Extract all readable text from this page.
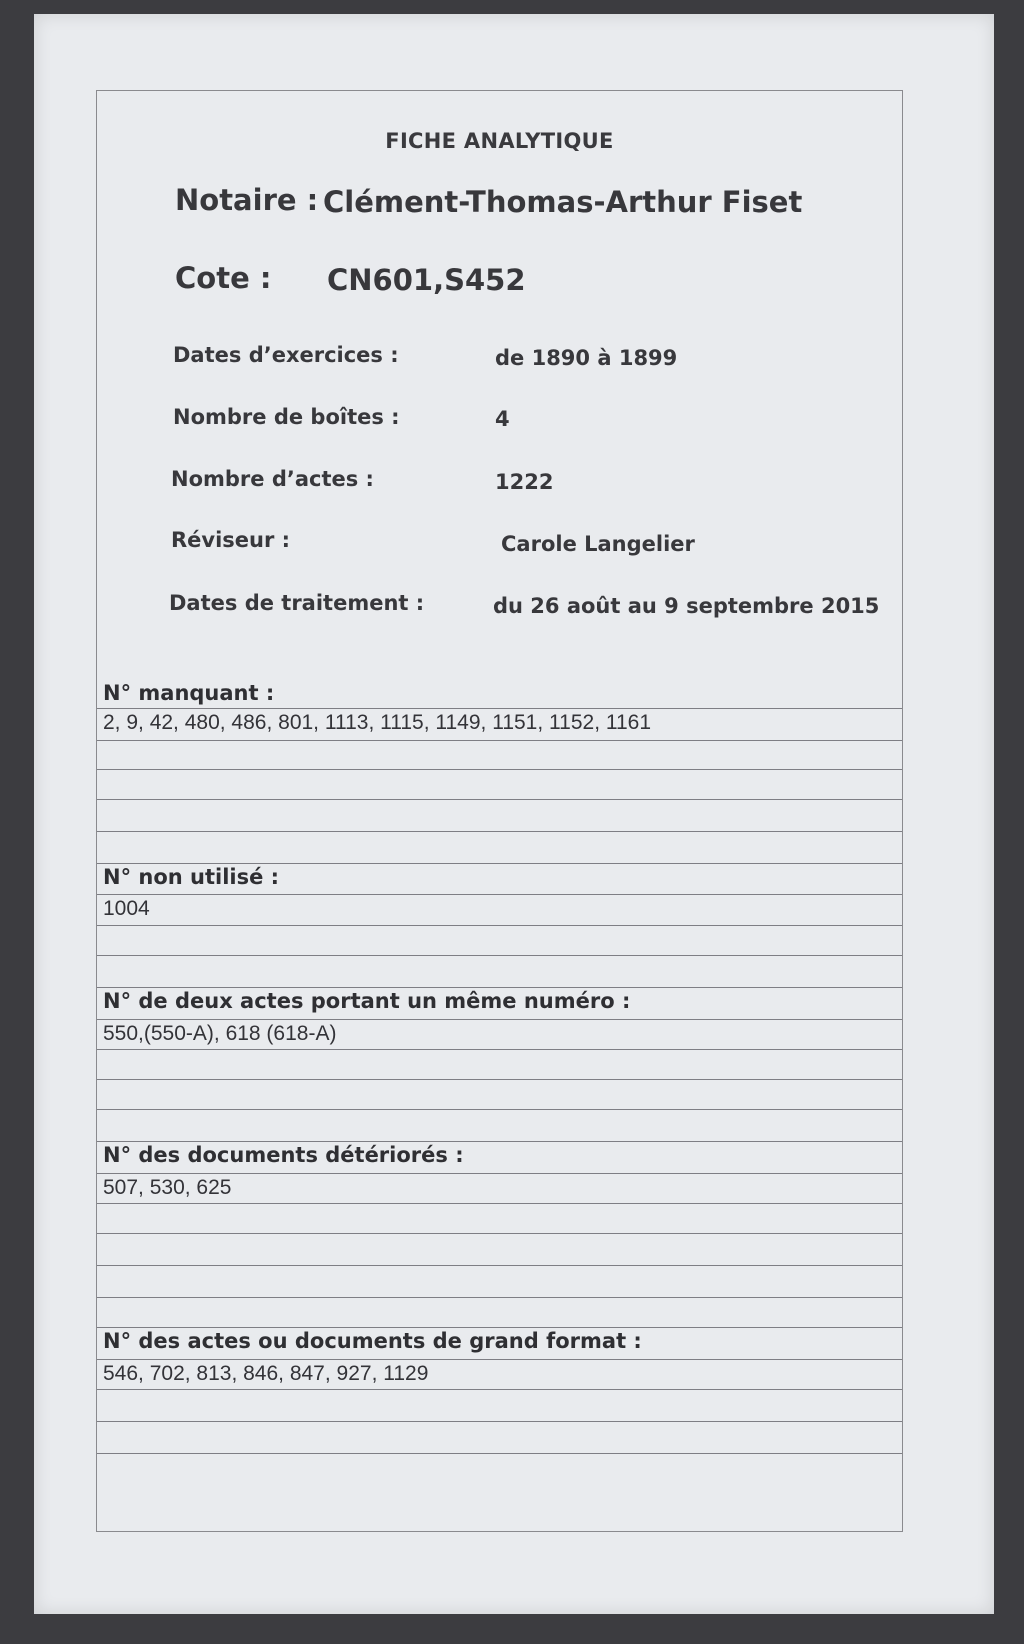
FICHE ANALYTIQUE
Notaire : Clément-Thomas-Arthur Fiset
Cote : CN601,S452
Dates d’exercices :	de 1890 à 1899
Nombre de boîtes :	4
Nombre d’actes :	1222
Réviseur :	Carole Langelier
Dates de traitement :	du 26 août au 9 septembre 2015
N° manquant :
2, 9, 42, 480, 486, 801, 1113, 1115, 1149, 1151, 1152, 1161
N° non utilisé :
1004
N° de deux actes portant un même numéro :
550,(550-A), 618 (618-A)
N° des documents détériorés :
507, 530, 625
N° des actes ou documents de grand format :
546, 702, 813, 846, 847, 927, 1129
